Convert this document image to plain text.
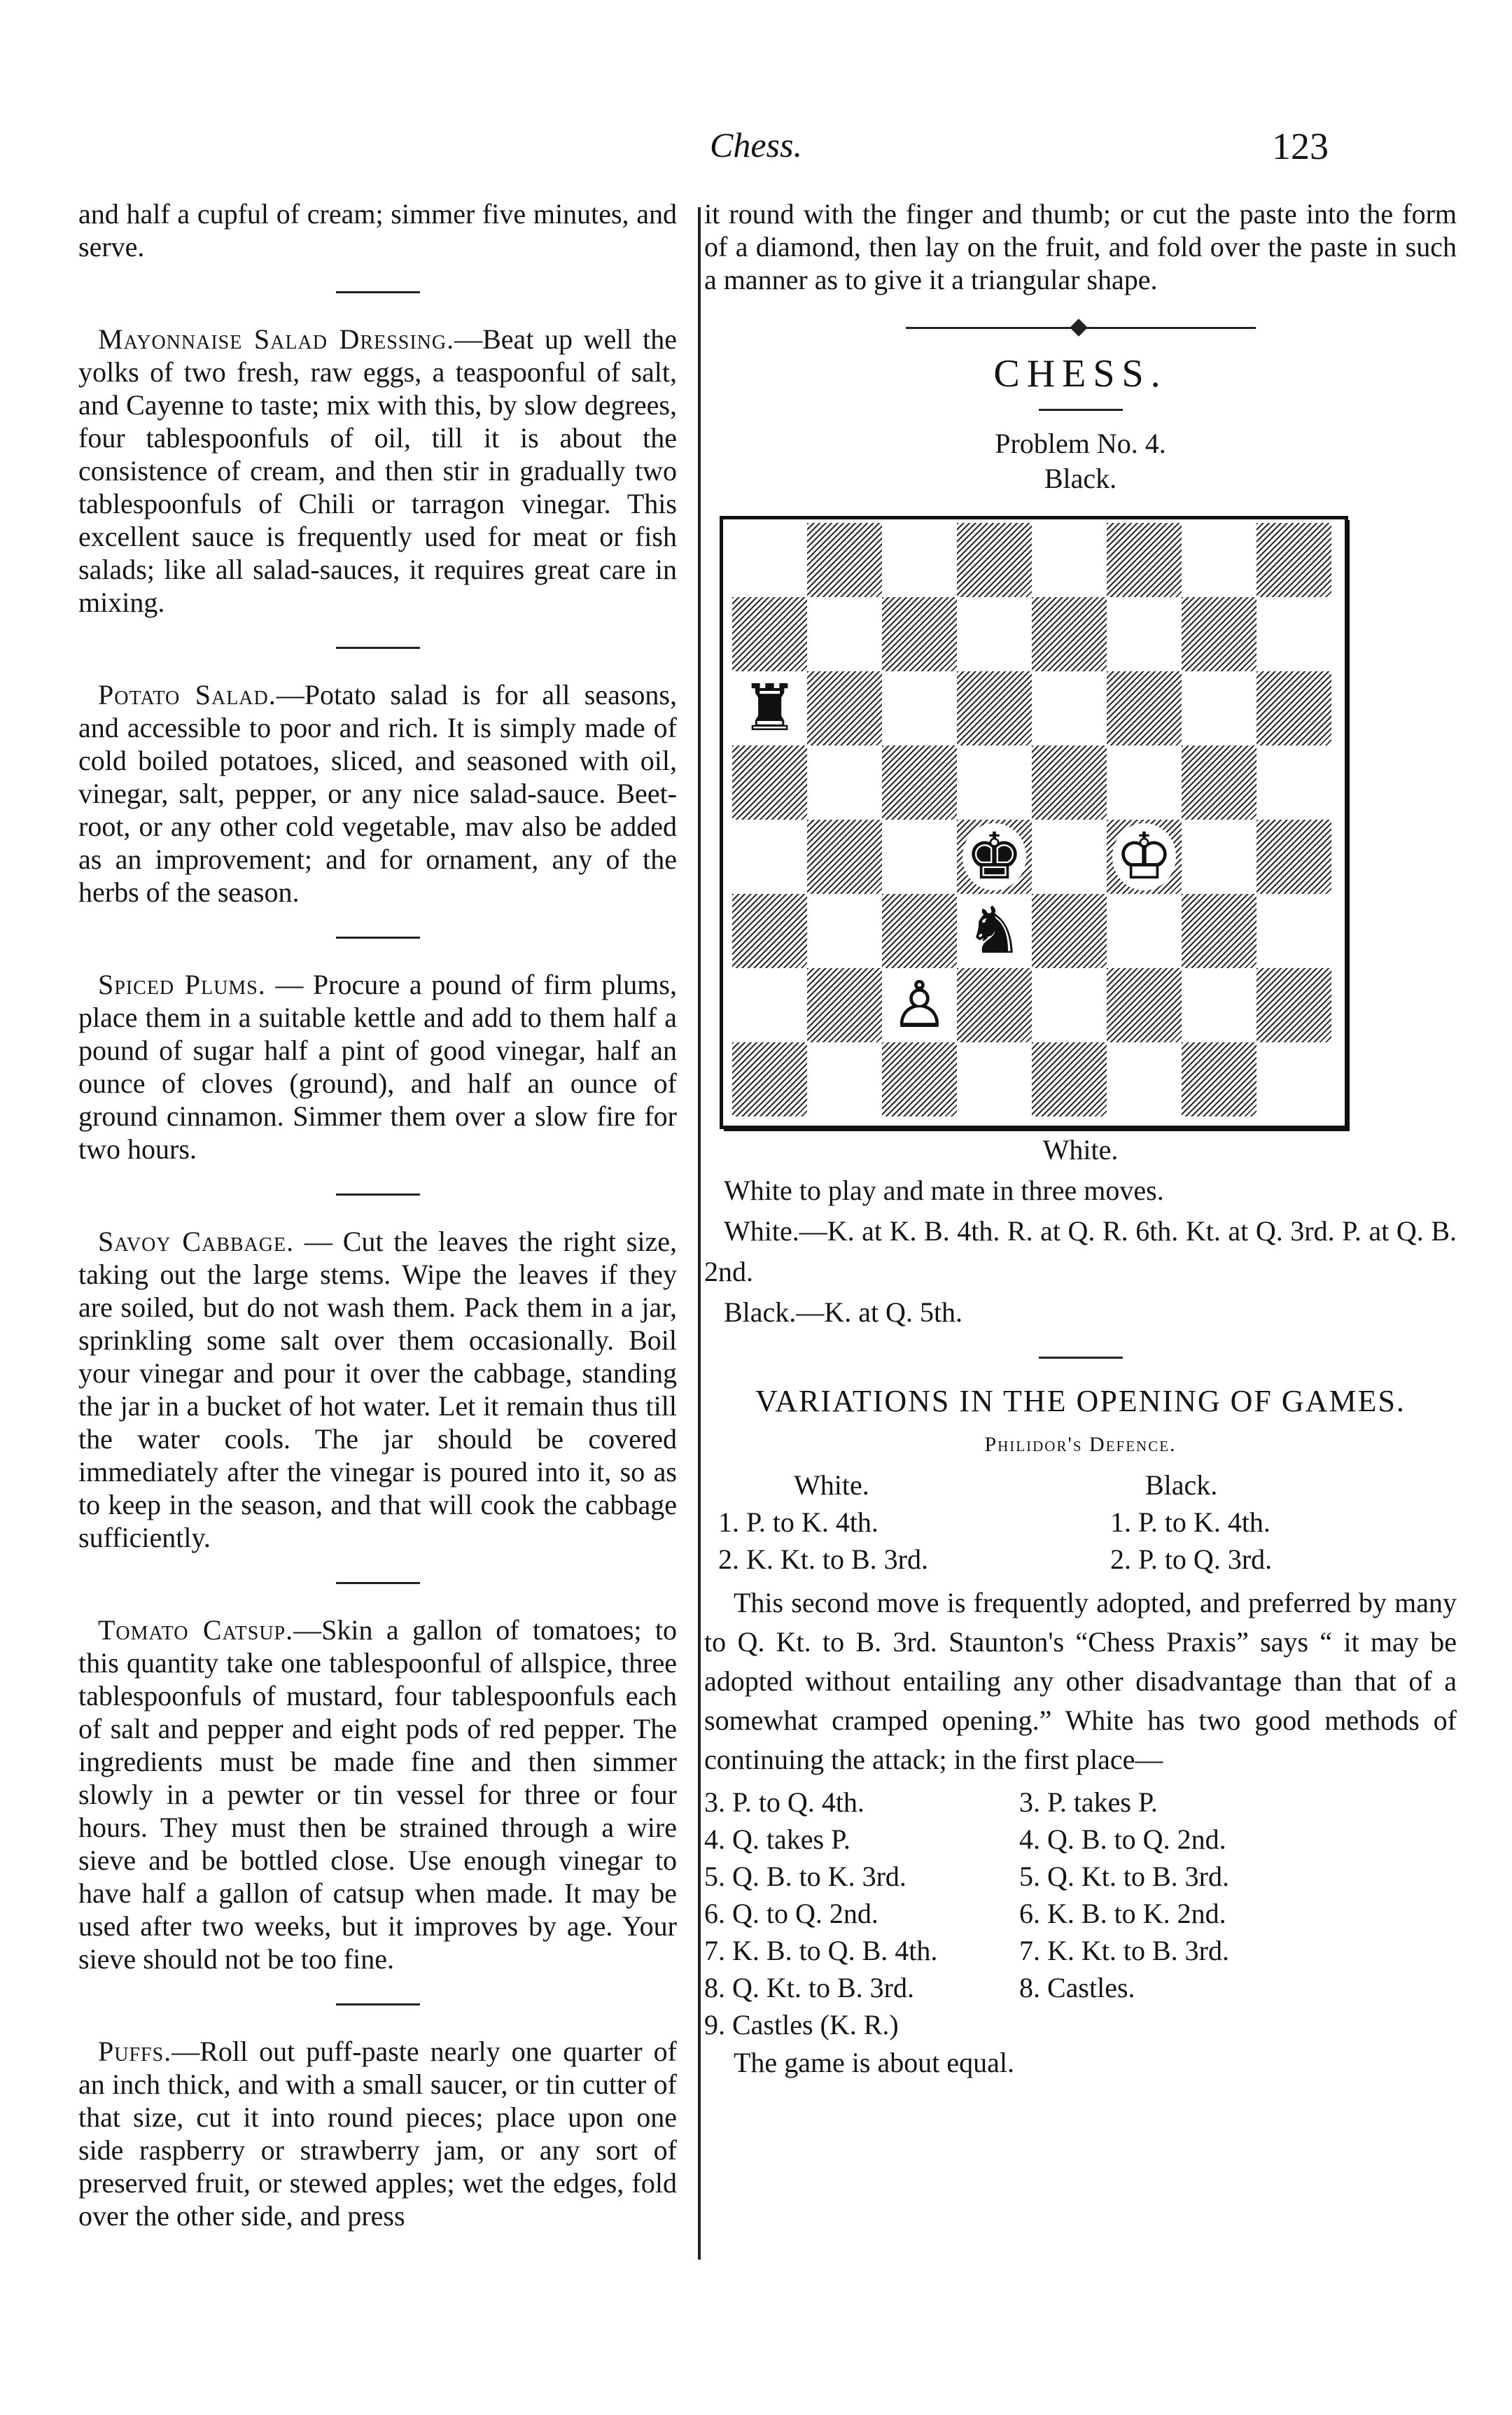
Chess.	123

and half a cupful of cream; simmer five minutes, and serve.

Mayonnaise Salad Dressing.—Beat up well the yolks of two fresh, raw eggs, a teaspoonful of salt, and Cayenne to taste; mix with this, by slow degrees, four tablespoonfuls of oil, till it is about the consistence of cream, and then stir in gradually two tablespoonfuls of Chili or tarragon vinegar. This excellent sauce is frequently used for meat or fish salads; like all salad-sauces, it requires great care in mixing.

Potato Salad.—Potato salad is for all seasons, and accessible to poor and rich. It is simply made of cold boiled potatoes, sliced, and seasoned with oil, vinegar, salt, pepper, or any nice salad-sauce. Beet-root, or any other cold vegetable, mav also be added as an improvement; and for ornament, any of the herbs of the season.

Spiced Plums. — Procure a pound of firm plums, place them in a suitable kettle and add to them half a pound of sugar half a pint of good vinegar, half an ounce of cloves (ground), and half an ounce of ground cinnamon. Simmer them over a slow fire for two hours.

Savoy Cabbage. — Cut the leaves the right size, taking out the large stems. Wipe the leaves if they are soiled, but do not wash them. Pack them in a jar, sprinkling some salt over them occasionally. Boil your vinegar and pour it over the cabbage, standing the jar in a bucket of hot water. Let it remain thus till the water cools. The jar should be covered immediately after the vinegar is poured into it, so as to keep in the season, and that will cook the cabbage sufficiently.

Tomato Catsup.—Skin a gallon of tomatoes; to this quantity take one tablespoonful of allspice, three tablespoonfuls of mustard, four tablespoonfuls each of salt and pepper and eight pods of red pepper. The ingredients must be made fine and then simmer slowly in a pewter or tin vessel for three or four hours. They must then be strained through a wire sieve and be bottled close. Use enough vinegar to have half a gallon of catsup when made. It may be used after two weeks, but it improves by age. Your sieve should not be too fine.

Puffs.—Roll out puff-paste nearly one quarter of an inch thick, and with a small saucer, or tin cutter of that size, cut it into round pieces; place upon one side raspberry or strawberry jam, or any sort of preserved fruit, or stewed apples; wet the edges, fold over the other side, and press

it round with the finger and thumb; or cut the paste into the form of a diamond, then lay on the fruit, and fold over the paste in such a manner as to give it a triangular shape.

CHESS.

Problem No. 4.

Black.

♜
♚ ♔
♞
♙

White.

White to play and mate in three moves.

White.—K. at K. B. 4th. R. at Q. R. 6th. Kt. at Q. 3rd. P. at Q. B. 2nd.

Black.—K. at Q. 5th.

VARIATIONS IN THE OPENING OF GAMES.

Philidor's Defence.

White.	Black.
1. P. to K. 4th.	1. P. to K. 4th.
2. K. Kt. to B. 3rd.	2. P. to Q. 3rd.

This second move is frequently adopted, and preferred by many to Q. Kt. to B. 3rd. Staunton's “Chess Praxis” says “ it may be adopted without entailing any other disadvantage than that of a somewhat cramped opening.” White has two good methods of continuing the attack; in the first place—

3. P. to Q. 4th.	3. P. takes P.
4. Q. takes P.	4. Q. B. to Q. 2nd.
5. Q. B. to K. 3rd.	5. Q. Kt. to B. 3rd.
6. Q. to Q. 2nd.	6. K. B. to K. 2nd.
7. K. B. to Q. B. 4th.	7. K. Kt. to B. 3rd.
8. Q. Kt. to B. 3rd.	8. Castles.
9. Castles (K. R.)

The game is about equal.
